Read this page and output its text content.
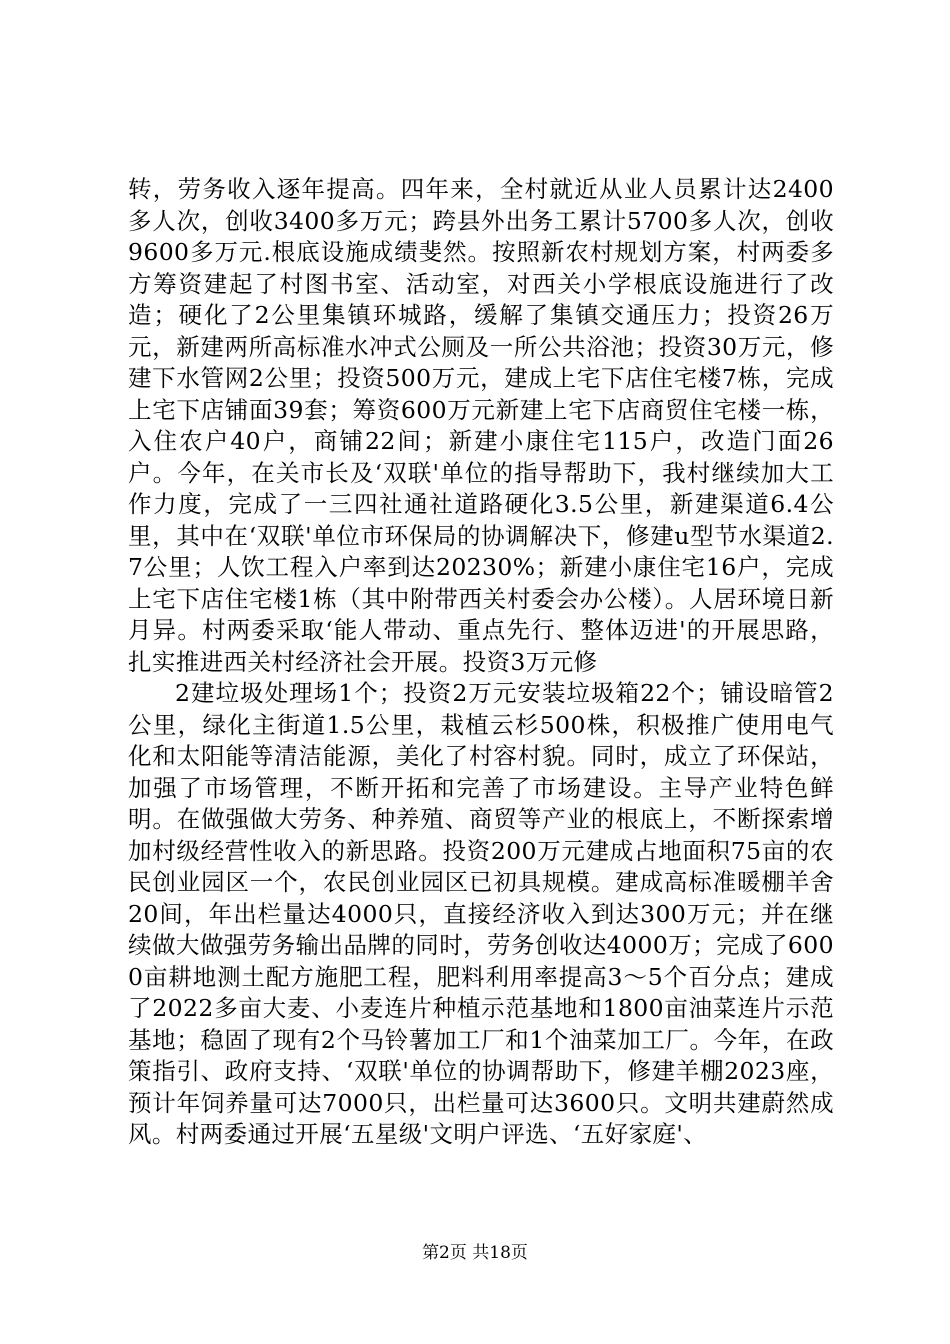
转，劳务收入逐年提高。四年来，全村就近从业人员累计达2400多人次，创收3400多万元；跨县外出务工累计5700多人次，创收9600多万元.根底设施成绩斐然。按照新农村规划方案，村两委多方筹资建起了村图书室、活动室，对西关小学根底设施进行了改造；硬化了2公里集镇环城路，缓解了集镇交通压力；投资26万元，新建两所高标准水冲式公厕及一所公共浴池；投资30万元，修建下水管网2公里；投资500万元，建成上宅下店住宅楼7栋，完成上宅下店铺面39套；筹资600万元新建上宅下店商贸住宅楼一栋，入住农户40户，商铺22间；新建小康住宅115户，改造门面26户。今年，在关市长及‘双联'单位的指导帮助下，我村继续加大工作力度，完成了一三四社通社道路硬化3.5公里，新建渠道6.4公里，其中在‘双联'单位市环保局的协调解决下，修建u型节水渠道2.7公里；人饮工程入户率到达20230%；新建小康住宅16户，完成上宅下店住宅楼1栋（其中附带西关村委会办公楼）。人居环境日新月异。村两委采取‘能人带动、重点先行、整体迈进'的开展思路，扎实推进西关村经济社会开展。投资3万元修

2建垃圾处理场1个；投资2万元安装垃圾箱22个；铺设暗管2公里，绿化主街道1.5公里，栽植云杉500株，积极推广使用电气化和太阳能等清洁能源，美化了村容村貌。同时，成立了环保站，加强了市场管理，不断开拓和完善了市场建设。主导产业特色鲜明。在做强做大劳务、种养殖、商贸等产业的根底上，不断探索增加村级经营性收入的新思路。投资200万元建成占地面积75亩的农民创业园区一个，农民创业园区已初具规模。建成高标准暖棚羊舍20间，年出栏量达4000只，直接经济收入到达300万元；并在继续做大做强劳务输出品牌的同时，劳务创收达4000万；完成了6000亩耕地测土配方施肥工程，肥料利用率提高3～5个百分点；建成了2022多亩大麦、小麦连片种植示范基地和1800亩油菜连片示范基地；稳固了现有2个马铃薯加工厂和1个油菜加工厂。今年，在政策指引、政府支持、‘双联'单位的协调帮助下，修建羊棚2023座，预计年饲养量可达7000只，出栏量可达3600只。文明共建蔚然成风。村两委通过开展‘五星级'文明户评选、‘五好家庭'、

第2页 共18页
